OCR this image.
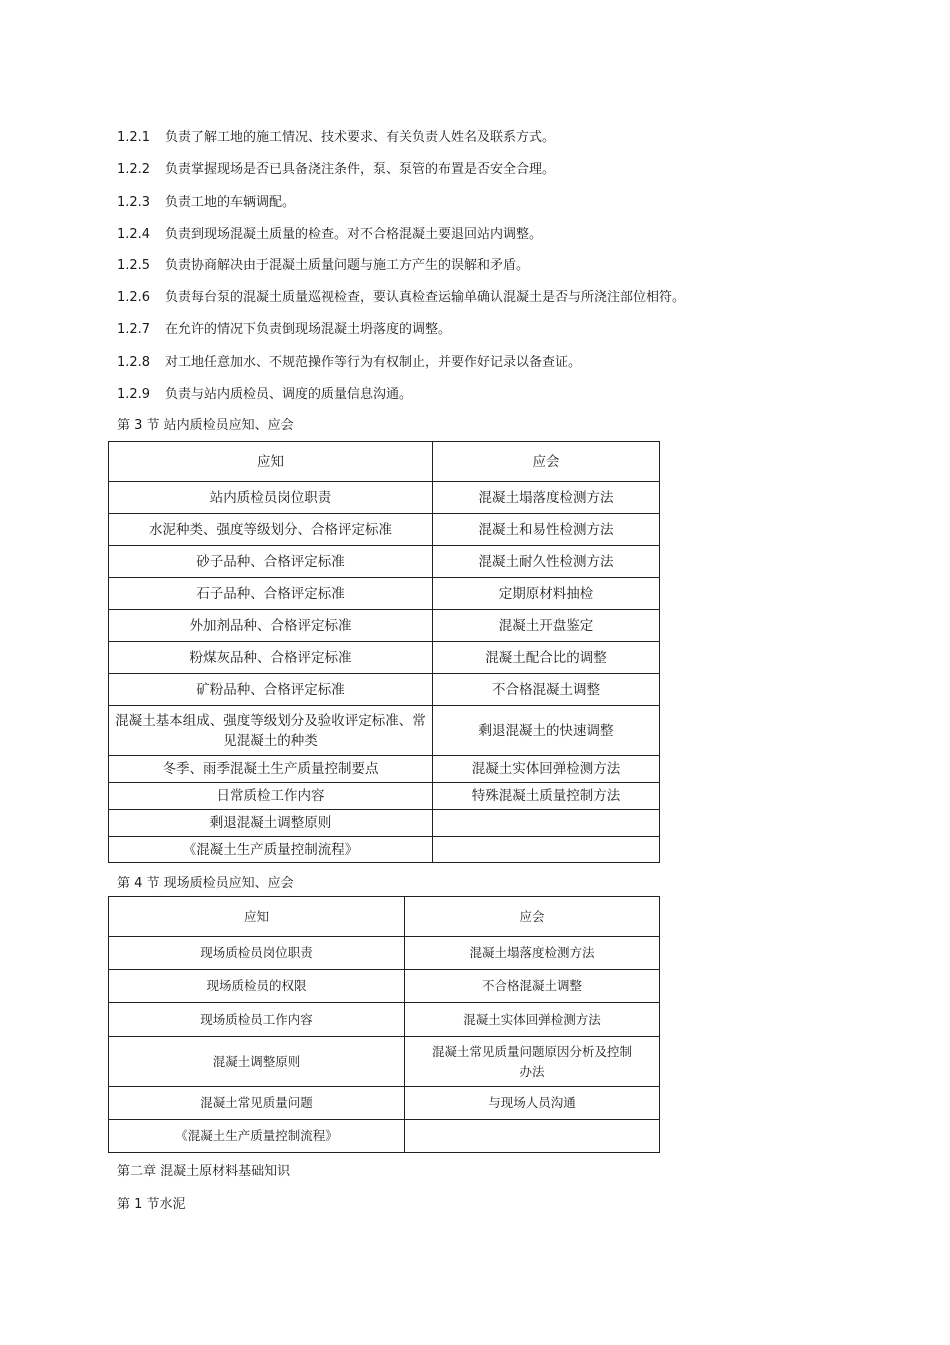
1.2.1 负责了解工地的施工情况、技术要求、有关负责人姓名及联系方式。
1.2.2 负责掌握现场是否已具备浇注条件，泵、泵管的布置是否安全合理。
1.2.3 负责工地的车辆调配。
1.2.4 负责到现场混凝土质量的检查。对不合格混凝土要退回站内调整。
1.2.5 负责协商解决由于混凝土质量问题与施工方产生的误解和矛盾。
1.2.6 负责每台泵的混凝土质量巡视检查，要认真检查运输单确认混凝土是否与所浇注部位相符。
1.2.7 在允许的情况下负责倒现场混凝土坍落度的调整。
1.2.8 对工地任意加水、不规范操作等行为有权制止，并要作好记录以备查证。
1.2.9 负责与站内质检员、调度的质量信息沟通。
第 3 节 站内质检员应知、应会
应知	应会
站内质检员岗位职责	混凝土塌落度检测方法
水泥种类、强度等级划分、合格评定标准	混凝土和易性检测方法
砂子品种、合格评定标准	混凝土耐久性检测方法
石子品种、合格评定标准	定期原材料抽检
外加剂品种、合格评定标准	混凝土开盘鉴定
粉煤灰品种、合格评定标准	混凝土配合比的调整
矿粉品种、合格评定标准	不合格混凝土调整
混凝土基本组成、强度等级划分及验收评定标准、常见混凝土的种类	剩退混凝土的快速调整
冬季、雨季混凝土生产质量控制要点	混凝土实体回弹检测方法
日常质检工作内容	特殊混凝土质量控制方法
剩退混凝土调整原则	
《混凝土生产质量控制流程》	
第 4 节 现场质检员应知、应会
应知	应会
现场质检员岗位职责	混凝土塌落度检测方法
现场质检员的权限	不合格混凝土调整
现场质检员工作内容	混凝土实体回弹检测方法
混凝土调整原则	混凝土常见质量问题原因分析及控制办法
混凝土常见质量问题	与现场人员沟通
《混凝土生产质量控制流程》	
第二章 混凝土原材料基础知识
第 1 节水泥
